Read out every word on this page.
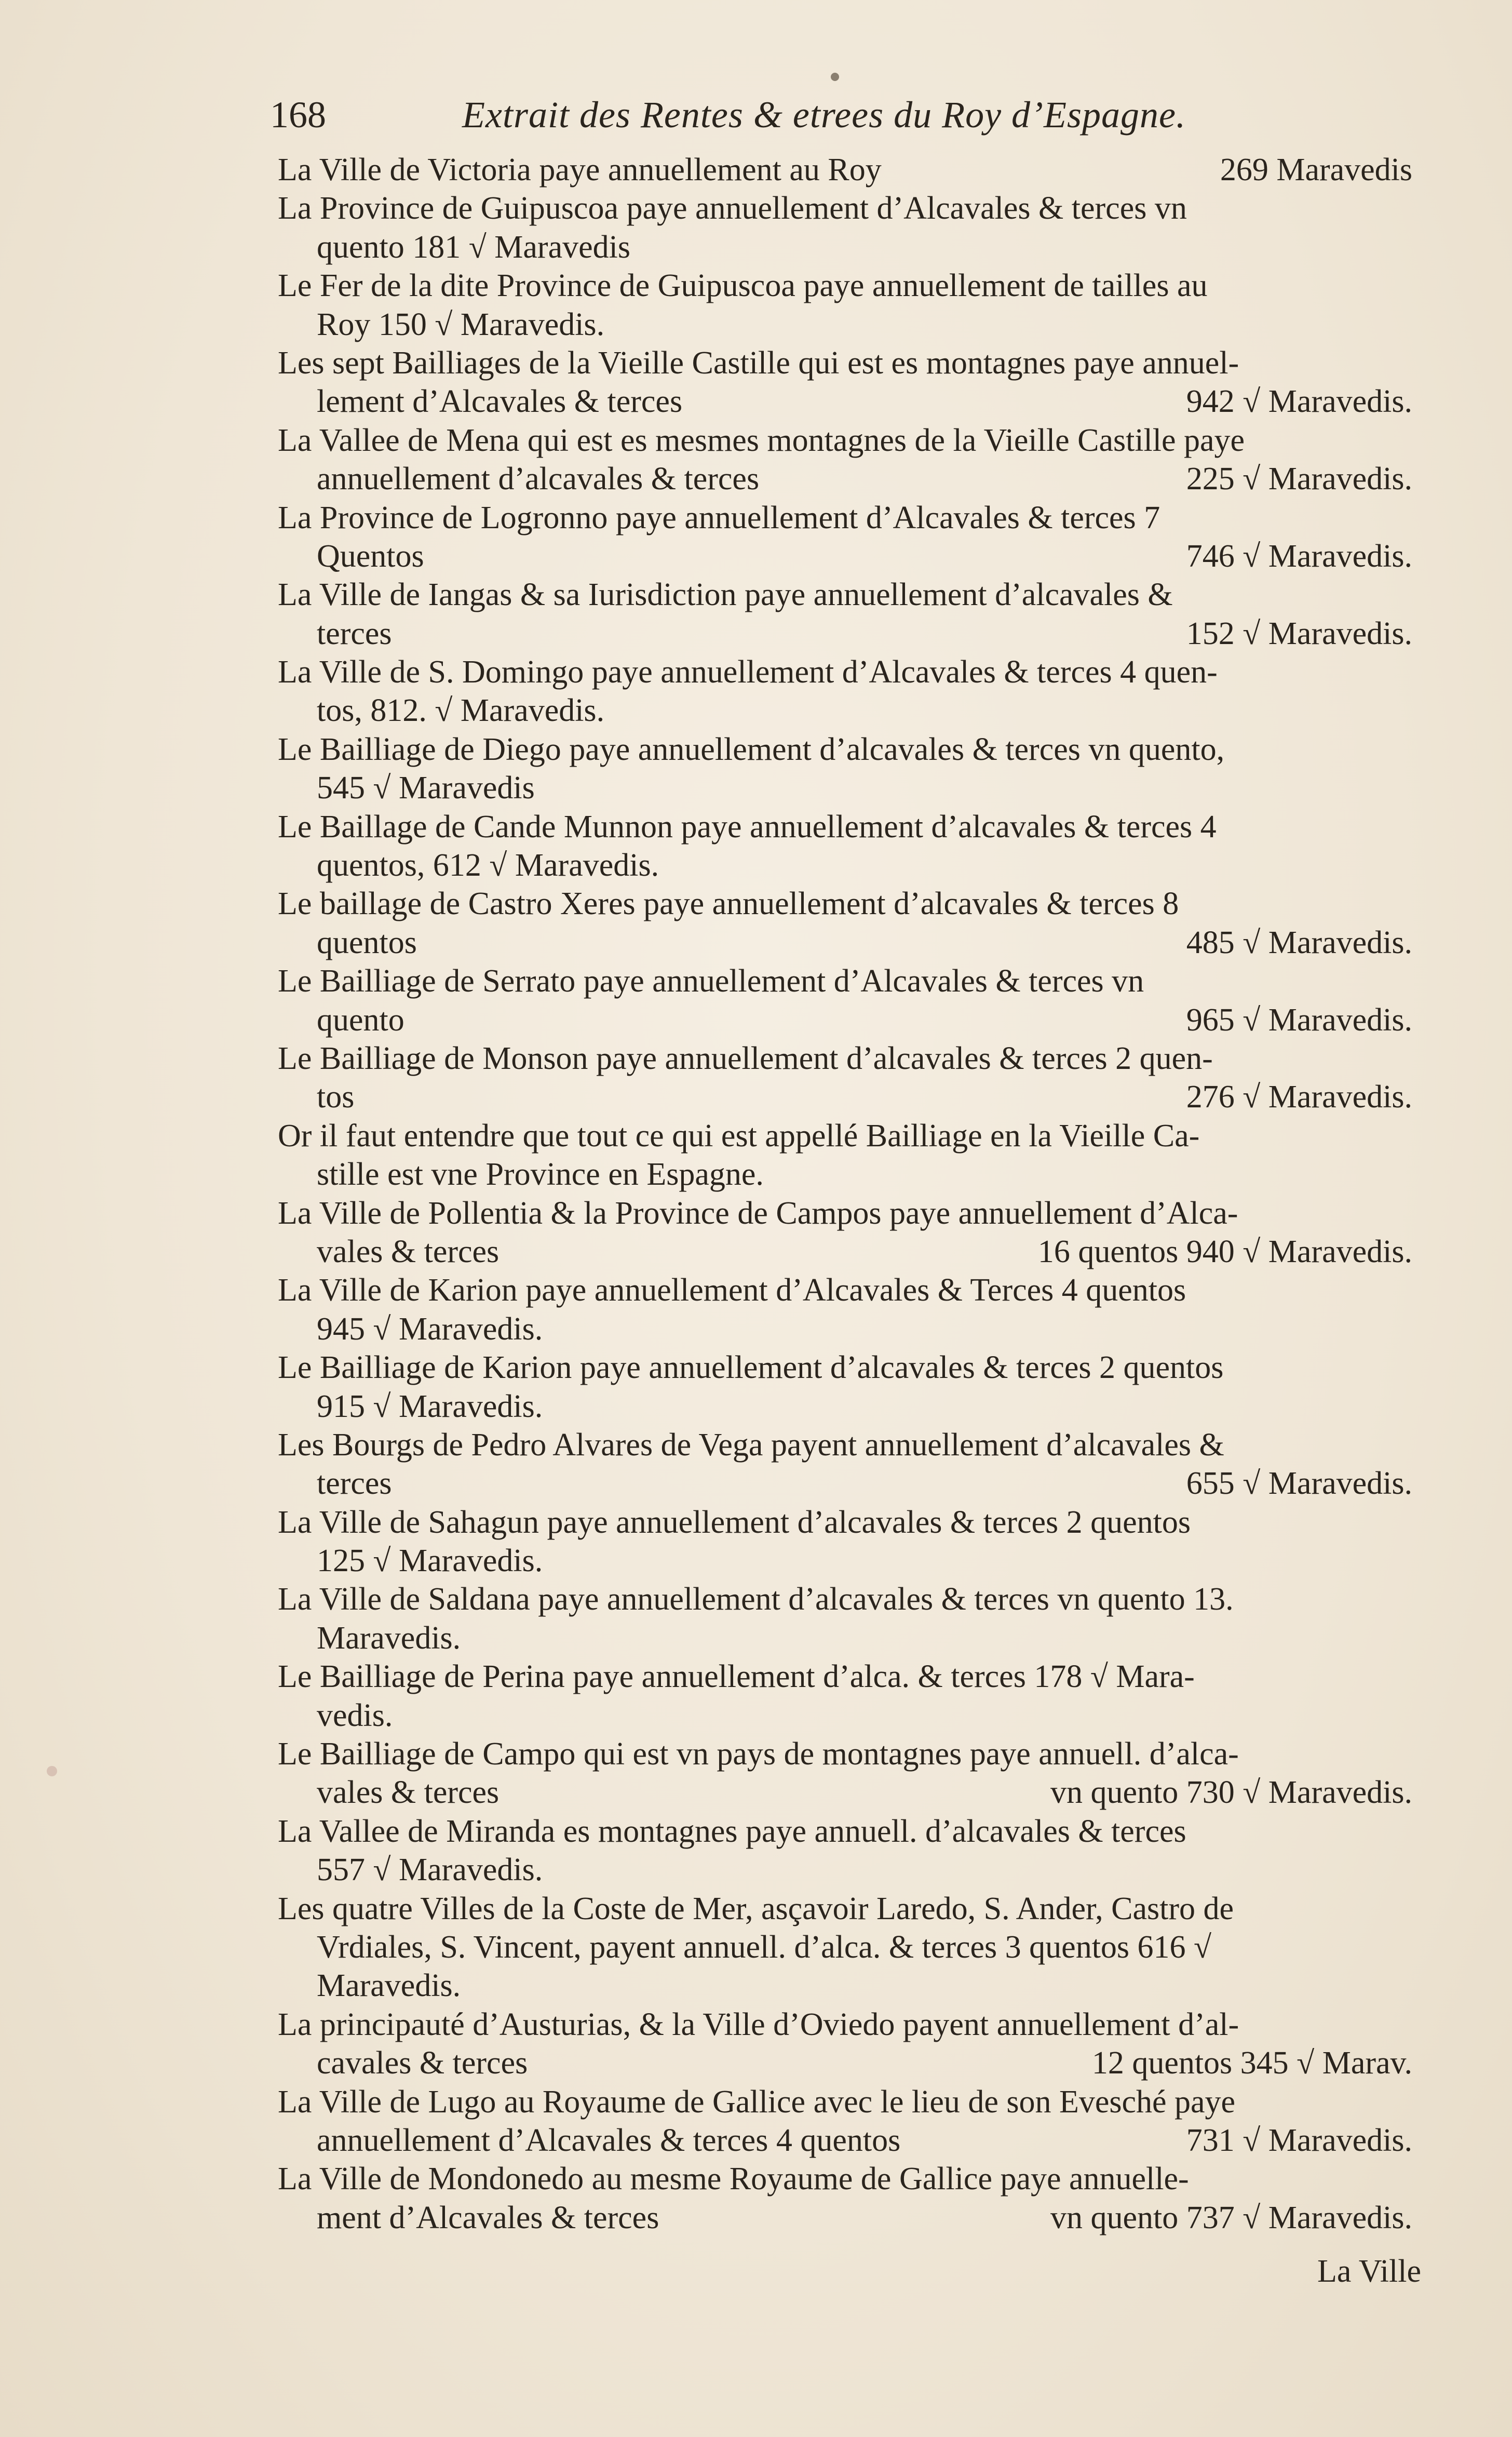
168	Extrait des Rentes & etrees du Roy d’Espagne.
La Ville de Victoria paye annuellement au Roy	269 Maravedis
La Province de Guipuscoa paye annuellement d’Alcavales & terces vn
quento 181 √ Maravedis
Le Fer de la dite Province de Guipuscoa paye annuellement de tailles au
Roy 150 √ Maravedis.
Les sept Bailliages de la Vieille Castille qui est es montagnes paye annuel-
lement d’Alcavales & terces	942 √ Maravedis.
La Vallee de Mena qui est es mesmes montagnes de la Vieille Castille paye
annuellement d’alcavales & terces	225 √ Maravedis.
La Province de Logronno paye annuellement d’Alcavales & terces 7
Quentos	746 √ Maravedis.
La Ville de Iangas & sa Iurisdiction paye annuellement d’alcavales &
terces	152 √ Maravedis.
La Ville de S. Domingo paye annuellement d’Alcavales & terces 4 quen-
tos, 812. √ Maravedis.
Le Bailliage de Diego paye annuellement d’alcavales & terces vn quento,
545 √ Maravedis
Le Baillage de Cande Munnon paye annuellement d’alcavales & terces 4
quentos, 612 √ Maravedis.
Le baillage de Castro Xeres paye annuellement d’alcavales & terces 8
quentos	485 √ Maravedis.
Le Bailliage de Serrato paye annuellement d’Alcavales & terces vn
quento	965 √ Maravedis.
Le Bailliage de Monson paye annuellement d’alcavales & terces 2 quen-
tos	276 √ Maravedis.
Or il faut entendre que tout ce qui est appellé Bailliage en la Vieille Ca-
stille est vne Province en Espagne.
La Ville de Pollentia & la Province de Campos paye annuellement d’Alca-
vales & terces	16 quentos 940 √ Maravedis.
La Ville de Karion paye annuellement d’Alcavales & Terces 4 quentos
945 √ Maravedis.
Le Bailliage de Karion paye annuellement d’alcavales & terces 2 quentos
915 √ Maravedis.
Les Bourgs de Pedro Alvares de Vega payent annuellement d’alcavales &
terces	655 √ Maravedis.
La Ville de Sahagun paye annuellement d’alcavales & terces 2 quentos
125 √ Maravedis.
La Ville de Saldana paye annuellement d’alcavales & terces vn quento 13.
Maravedis.
Le Bailliage de Perina paye annuellement d’alca. & terces 178 √ Mara-
vedis.
Le Bailliage de Campo qui est vn pays de montagnes paye annuell. d’alca-
vales & terces	vn quento 730 √ Maravedis.
La Vallee de Miranda es montagnes paye annuell. d’alcavales & terces
557 √ Maravedis.
Les quatre Villes de la Coste de Mer, asçavoir Laredo, S. Ander, Castro de
Vrdiales, S. Vincent, payent annuell. d’alca. & terces 3 quentos 616 √
Maravedis.
La principauté d’Austurias, & la Ville d’Oviedo payent annuellement d’al-
cavales & terces	12 quentos 345 √ Marav.
La Ville de Lugo au Royaume de Gallice avec le lieu de son Evesché paye
annuellement d’Alcavales & terces 4 quentos	731 √ Maravedis.
La Ville de Mondonedo au mesme Royaume de Gallice paye annuelle-
ment d’Alcavales & terces	vn quento 737 √ Maravedis.
La Ville
